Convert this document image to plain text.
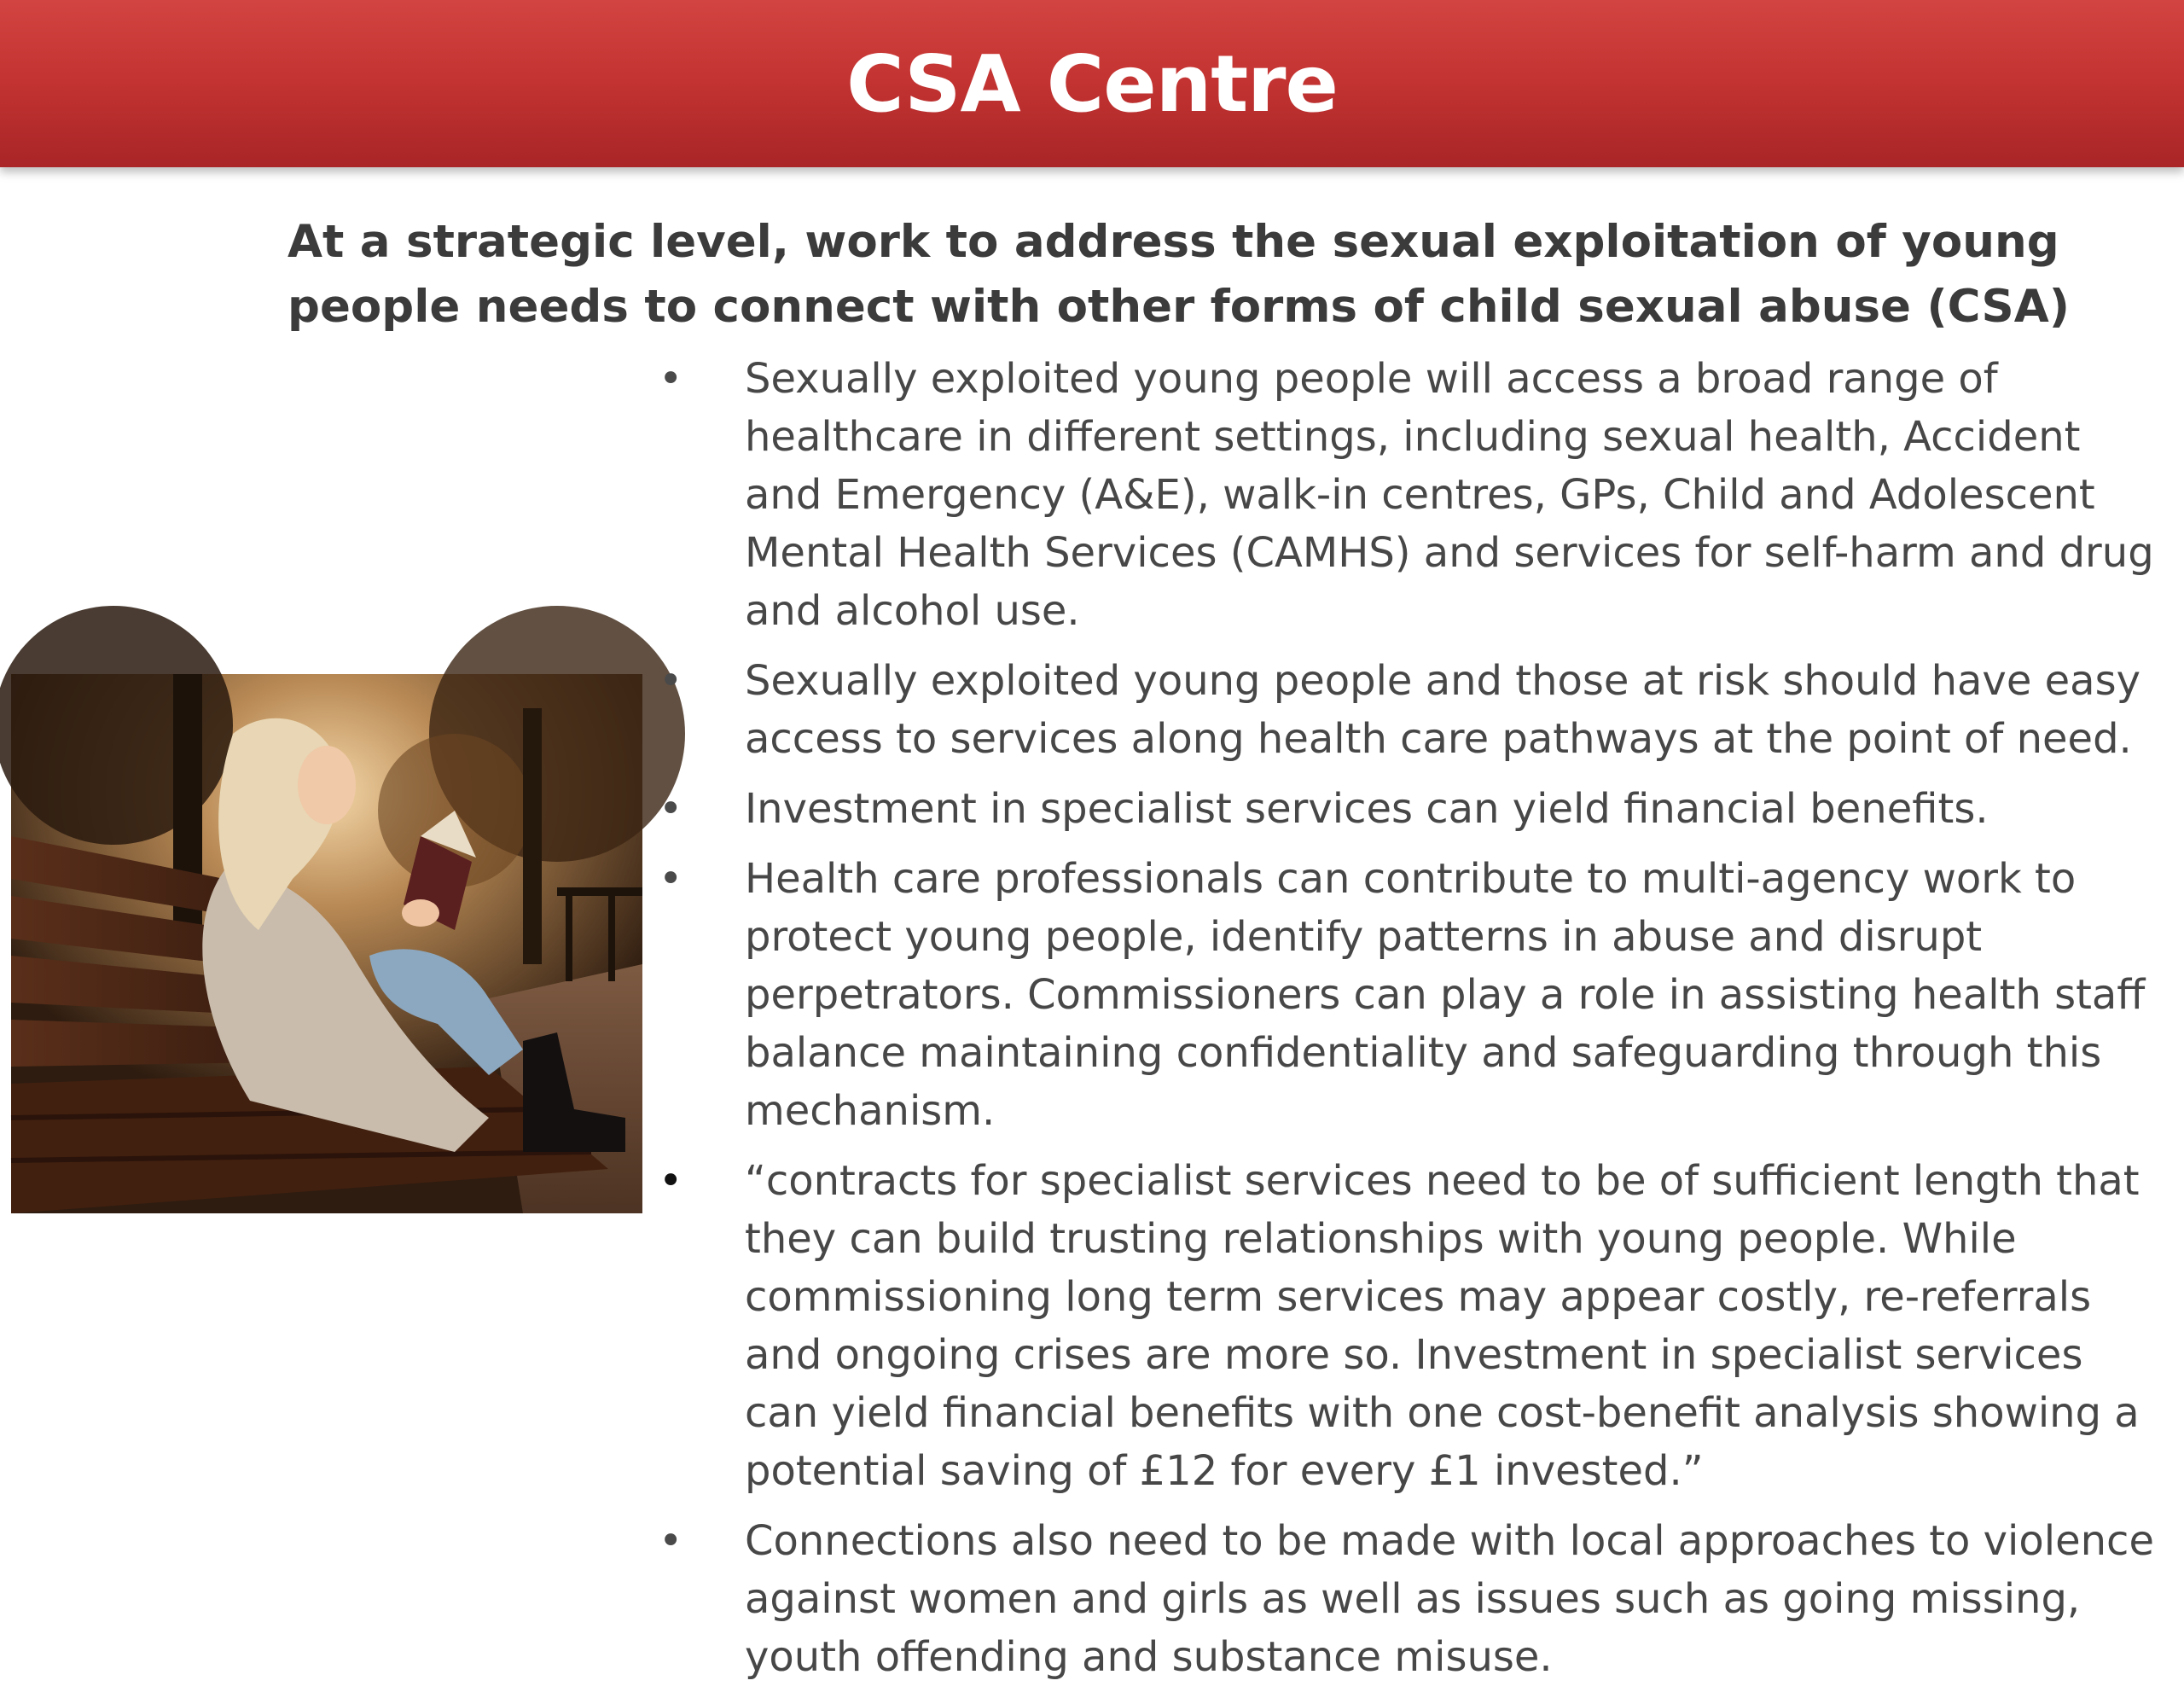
CSA Centre
At a strategic level, work to address the sexual exploitation of young people needs to connect with other forms of child sexual abuse (CSA)
• Sexually exploited young people will access a broad range of healthcare in different settings, including sexual health, Accident and Emergency (A&E), walk-in centres, GPs, Child and Adolescent Mental Health Services (CAMHS) and services for self-harm and drug and alcohol use.
• Sexually exploited young people and those at risk should have easy access to services along health care pathways at the point of need.
• Investment in specialist services can yield financial benefits.
• Health care professionals can contribute to multi-agency work to protect young people, identify patterns in abuse and disrupt perpetrators. Commissioners can play a role in assisting health staff balance maintaining confidentiality and safeguarding through this mechanism.
• “contracts for specialist services need to be of sufficient length that they can build trusting relationships with young people. While commissioning long term services may appear costly, re-referrals and ongoing crises are more so. Investment in specialist services can yield financial benefits with one cost-benefit analysis showing a potential saving of £12 for every £1 invested.”
• Connections also need to be made with local approaches to violence against women and girls as well as issues such as going missing, youth offending and substance misuse.
